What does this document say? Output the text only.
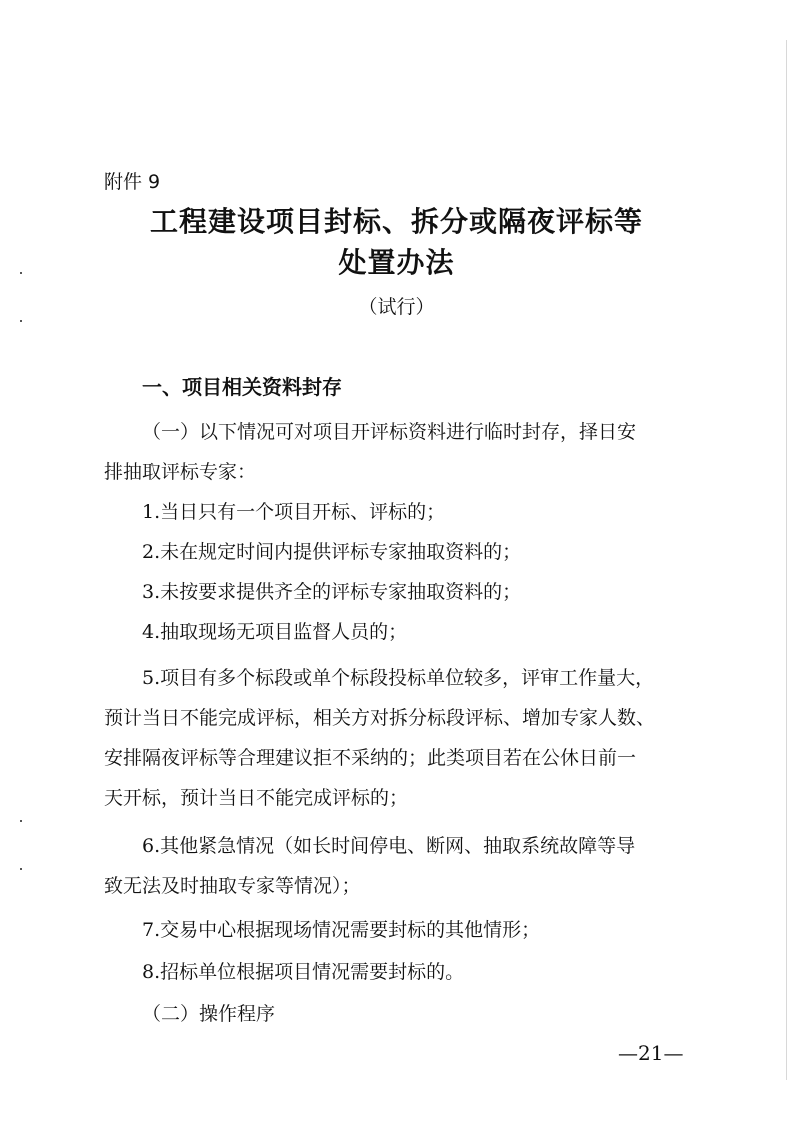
附件 9
工程建设项目封标、拆分或隔夜评标等
处置办法
（试行）
一、项目相关资料封存
（一）以下情况可对项目开评标资料进行临时封存，择日安
排抽取评标专家：
1.当日只有一个项目开标、评标的；
2.未在规定时间内提供评标专家抽取资料的；
3.未按要求提供齐全的评标专家抽取资料的；
4.抽取现场无项目监督人员的；
5.项目有多个标段或单个标段投标单位较多，评审工作量大，
预计当日不能完成评标，相关方对拆分标段评标、增加专家人数、
安排隔夜评标等合理建议拒不采纳的；此类项目若在公休日前一
天开标，预计当日不能完成评标的；
6.其他紧急情况（如长时间停电、断网、抽取系统故障等导
致无法及时抽取专家等情况）；
7.交易中心根据现场情况需要封标的其他情形；
8.招标单位根据项目情况需要封标的。
（二）操作程序
—21—
